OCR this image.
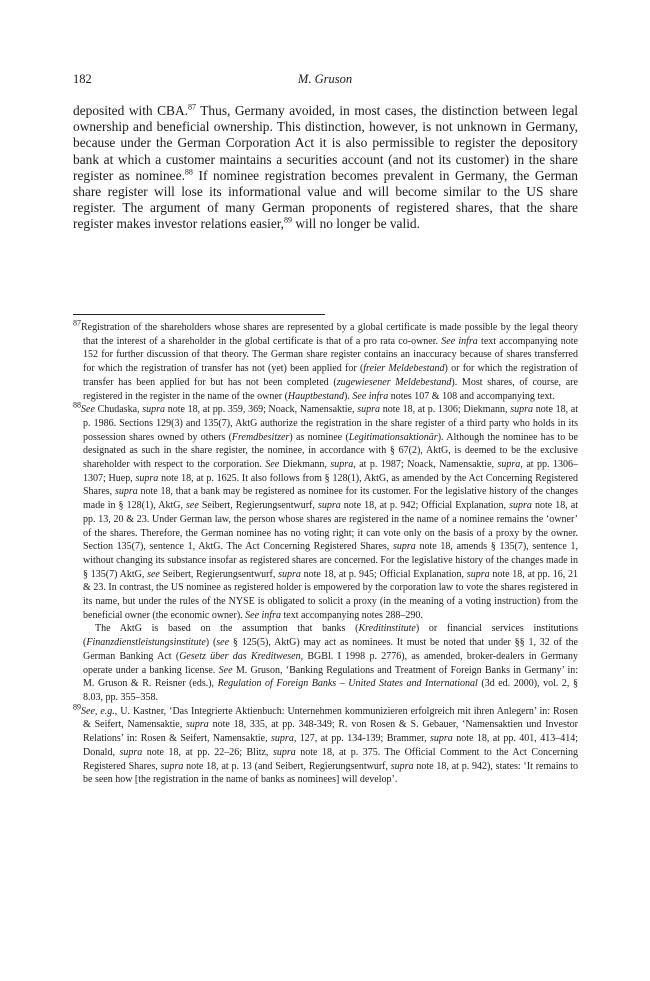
182	M. Gruson

deposited with CBA.$^{87}$ Thus, Germany avoided, in most cases, the distinction between legal ownership and beneficial ownership. This distinction, however, is not unknown in Germany, because under the German Corporation Act it is also permissible to register the depository bank at which a customer maintains a securities account (and not its customer) in the share register as nominee.$^{88}$ If nominee registration becomes prevalent in Germany, the German share register will lose its informational value and will become similar to the US share register. The argument of many German proponents of registered shares, that the share register makes investor relations easier,$^{89}$ will no longer be valid.

$^{87}$Registration of the shareholders whose shares are represented by a global certificate is made possible by the legal theory that the interest of a shareholder in the global certificate is that of a pro rata co-owner. See infra text accompanying note 152 for further discussion of that theory. The German share register contains an inaccuracy because of shares transferred for which the registration of transfer has not (yet) been applied for (freier Meldebestand) or for which the registration of transfer has been applied for but has not been completed (zugewiesener Meldebestand). Most shares, of course, are registered in the register in the name of the owner (Hauptbestand). See infra notes 107 & 108 and accompanying text.

$^{88}$See Chudaska, supra note 18, at pp. 359, 369; Noack, Namensaktie, supra note 18, at p. 1306; Diekmann, supra note 18, at p. 1986. Sections 129(3) and 135(7), AktG authorize the registration in the share register of a third party who holds in its possession shares owned by others (Fremdbesitzer) as nominee (Legitimationsaktionär). Although the nominee has to be designated as such in the share register, the nominee, in accordance with § 67(2), AktG, is deemed to be the exclusive shareholder with respect to the corporation. See Diekmann, supra, at p. 1987; Noack, Namensaktie, supra, at pp. 1306–1307; Huep, supra note 18, at p. 1625. It also follows from § 128(1), AktG, as amended by the Act Concerning Registered Shares, supra note 18, that a bank may be registered as nominee for its customer. For the legislative history of the changes made in § 128(1), AktG, see Seibert, Regierungsentwurf, supra note 18, at p. 942; Official Explanation, supra note 18, at pp. 13, 20 & 23. Under German law, the person whose shares are registered in the name of a nominee remains the ‘owner’ of the shares. Therefore, the German nominee has no voting right; it can vote only on the basis of a proxy by the owner. Section 135(7), sentence 1, AktG. The Act Concerning Registered Shares, supra note 18, amends § 135(7), sentence 1, without changing its substance insofar as registered shares are concerned. For the legislative history of the changes made in § 135(7) AktG, see Seibert, Regierungsentwurf, supra note 18, at p. 945; Official Explanation, supra note 18, at pp. 16, 21 & 23. In contrast, the US nominee as registered holder is empowered by the corporation law to vote the shares registered in its name, but under the rules of the NYSE is obligated to solicit a proxy (in the meaning of a voting instruction) from the beneficial owner (the economic owner). See infra text accompanying notes 288–290.

The AktG is based on the assumption that banks (Kreditinstitute) or financial services institutions (Finanzdienstleistungsinstitute) (see § 125(5), AktG) may act as nominees. It must be noted that under §§ 1, 32 of the German Banking Act (Gesetz über das Kreditwesen, BGBl. I 1998 p. 2776), as amended, broker-dealers in Germany operate under a banking license. See M. Gruson, ‘Banking Regulations and Treatment of Foreign Banks in Germany’ in: M. Gruson & R. Reisner (eds.), Regulation of Foreign Banks – United States and International (3d ed. 2000), vol. 2, § 8.03, pp. 355–358.

$^{89}$See, e.g., U. Kastner, ‘Das Integrierte Aktienbuch: Unternehmen kommunizieren erfolgreich mit ihren Anlegern’ in: Rosen & Seifert, Namensaktie, supra note 18, 335, at pp. 348-349; R. von Rosen & S. Gebauer, ‘Namensaktien und Investor Relations’ in: Rosen & Seifert, Namensaktie, supra, 127, at pp. 134-139; Brammer, supra note 18, at pp. 401, 413–414; Donald, supra note 18, at pp. 22–26; Blitz, supra note 18, at p. 375. The Official Comment to the Act Concerning Registered Shares, supra note 18, at p. 13 (and Seibert, Regierungsentwurf, supra note 18, at p. 942), states: ‘It remains to be seen how [the registration in the name of banks as nominees] will develop’.
